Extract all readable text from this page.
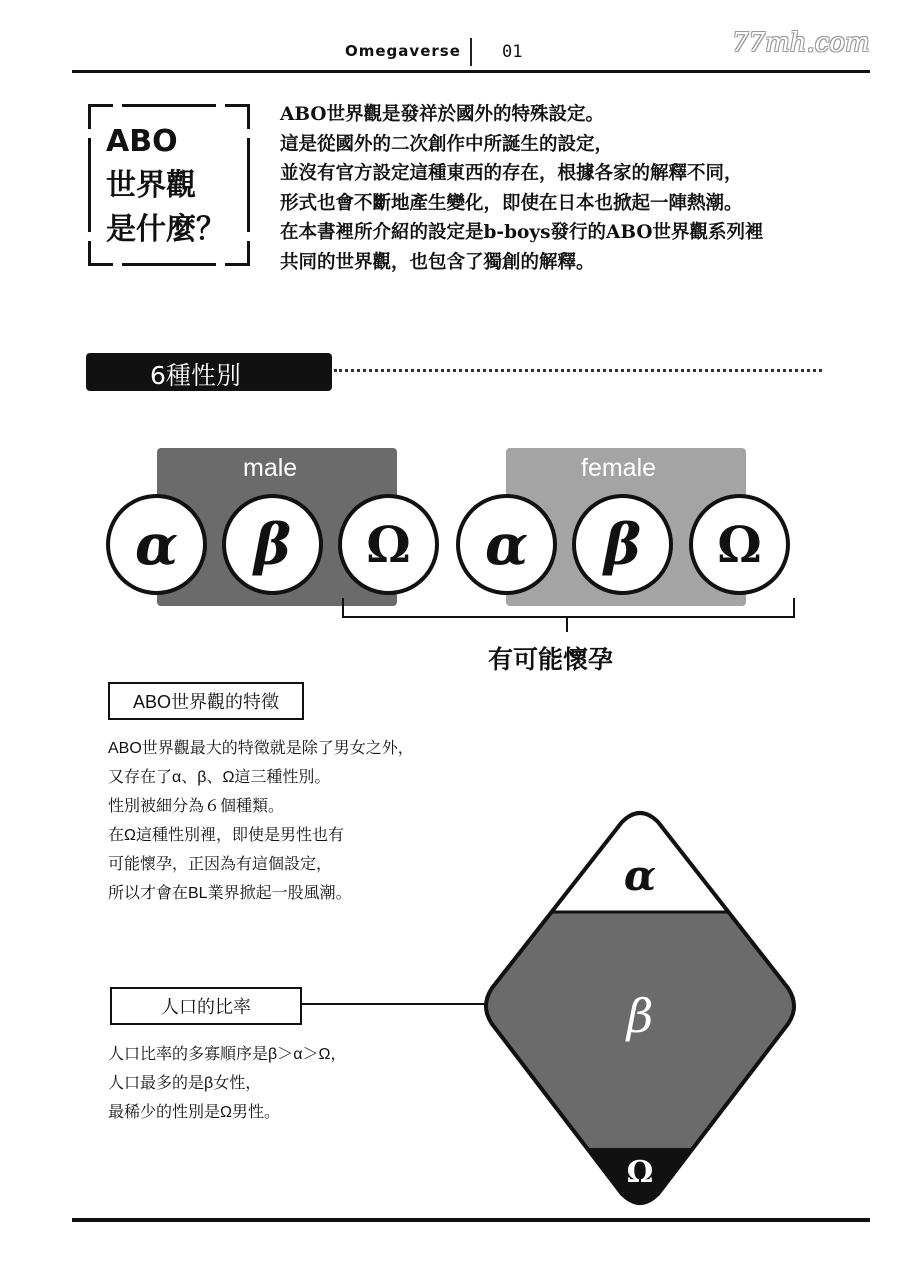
Omegaverse 01	77mh.com
ABO
世界觀
是什麼？
ABO世界觀是發祥於國外的特殊設定。
這是從國外的二次創作中所誕生的設定，
並沒有官方設定這種東西的存在，根據各家的解釋不同，
形式也會不斷地產生變化，即使在日本也掀起一陣熱潮。
在本書裡所介紹的設定是b-boys發行的ABO世界觀系列裡
共同的世界觀，也包含了獨創的解釋。
6種性別
male	female
α	β	Ω	α	β	Ω
有可能懷孕
ABO世界觀的特徵
ABO世界觀最大的特徵就是除了男女之外，
又存在了α、β、Ω這三種性別。
性別被細分為６個種類。
在Ω這種性別裡，即使是男性也有
可能懷孕，正因為有這個設定，
所以才會在BL業界掀起一股風潮。
人口的比率
人口比率的多寡順序是β＞α＞Ω，
人口最多的是β女性，
最稀少的性別是Ω男性。
α
β
Ω
